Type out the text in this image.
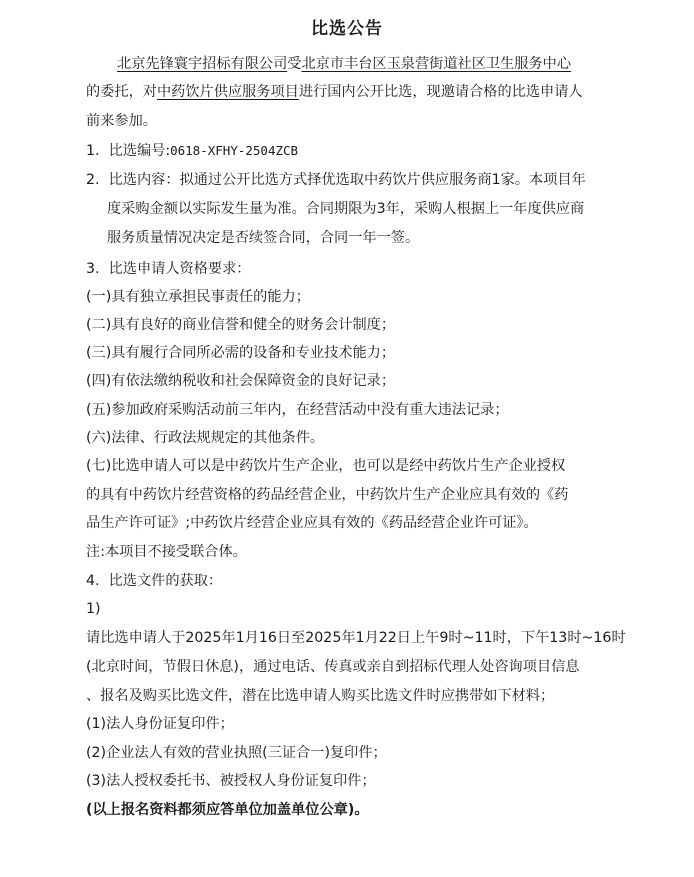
比选公告
北京先锋寰宇招标有限公司受北京市丰台区玉泉营街道社区卫生服务中心
的委托，对中药饮片供应服务项目进行国内公开比选，现邀请合格的比选申请人
前来参加。
1. 比选编号:0618-XFHY-2504ZCB
2. 比选内容：拟通过公开比选方式择优选取中药饮片供应服务商1家。本项目年
度采购金额以实际发生量为准。合同期限为3年，采购人根据上一年度供应商
服务质量情况决定是否续签合同，合同一年一签。
3. 比选申请人资格要求：
(一)具有独立承担民事责任的能力；
(二)具有良好的商业信誉和健全的财务会计制度；
(三)具有履行合同所必需的设备和专业技术能力；
(四)有依法缴纳税收和社会保障资金的良好记录；
(五)参加政府采购活动前三年内，在经营活动中没有重大违法记录；
(六)法律、行政法规规定的其他条件。
(七)比选申请人可以是中药饮片生产企业，也可以是经中药饮片生产企业授权
的具有中药饮片经营资格的药品经营企业，中药饮片生产企业应具有效的《药
品生产许可证》;中药饮片经营企业应具有效的《药品经营企业许可证》。
注:本项目不接受联合体。
4. 比选文件的获取：
1)
请比选申请人于2025年1月16日至2025年1月22日上午9时~11时，下午13时~16时
(北京时间，节假日休息)，通过电话、传真或亲自到招标代理人处咨询项目信息
、报名及购买比选文件，潜在比选申请人购买比选文件时应携带如下材料；
(1)法人身份证复印件；
(2)企业法人有效的营业执照(三证合一)复印件；
(3)法人授权委托书、被授权人身份证复印件；
(以上报名资料都须应答单位加盖单位公章)。
